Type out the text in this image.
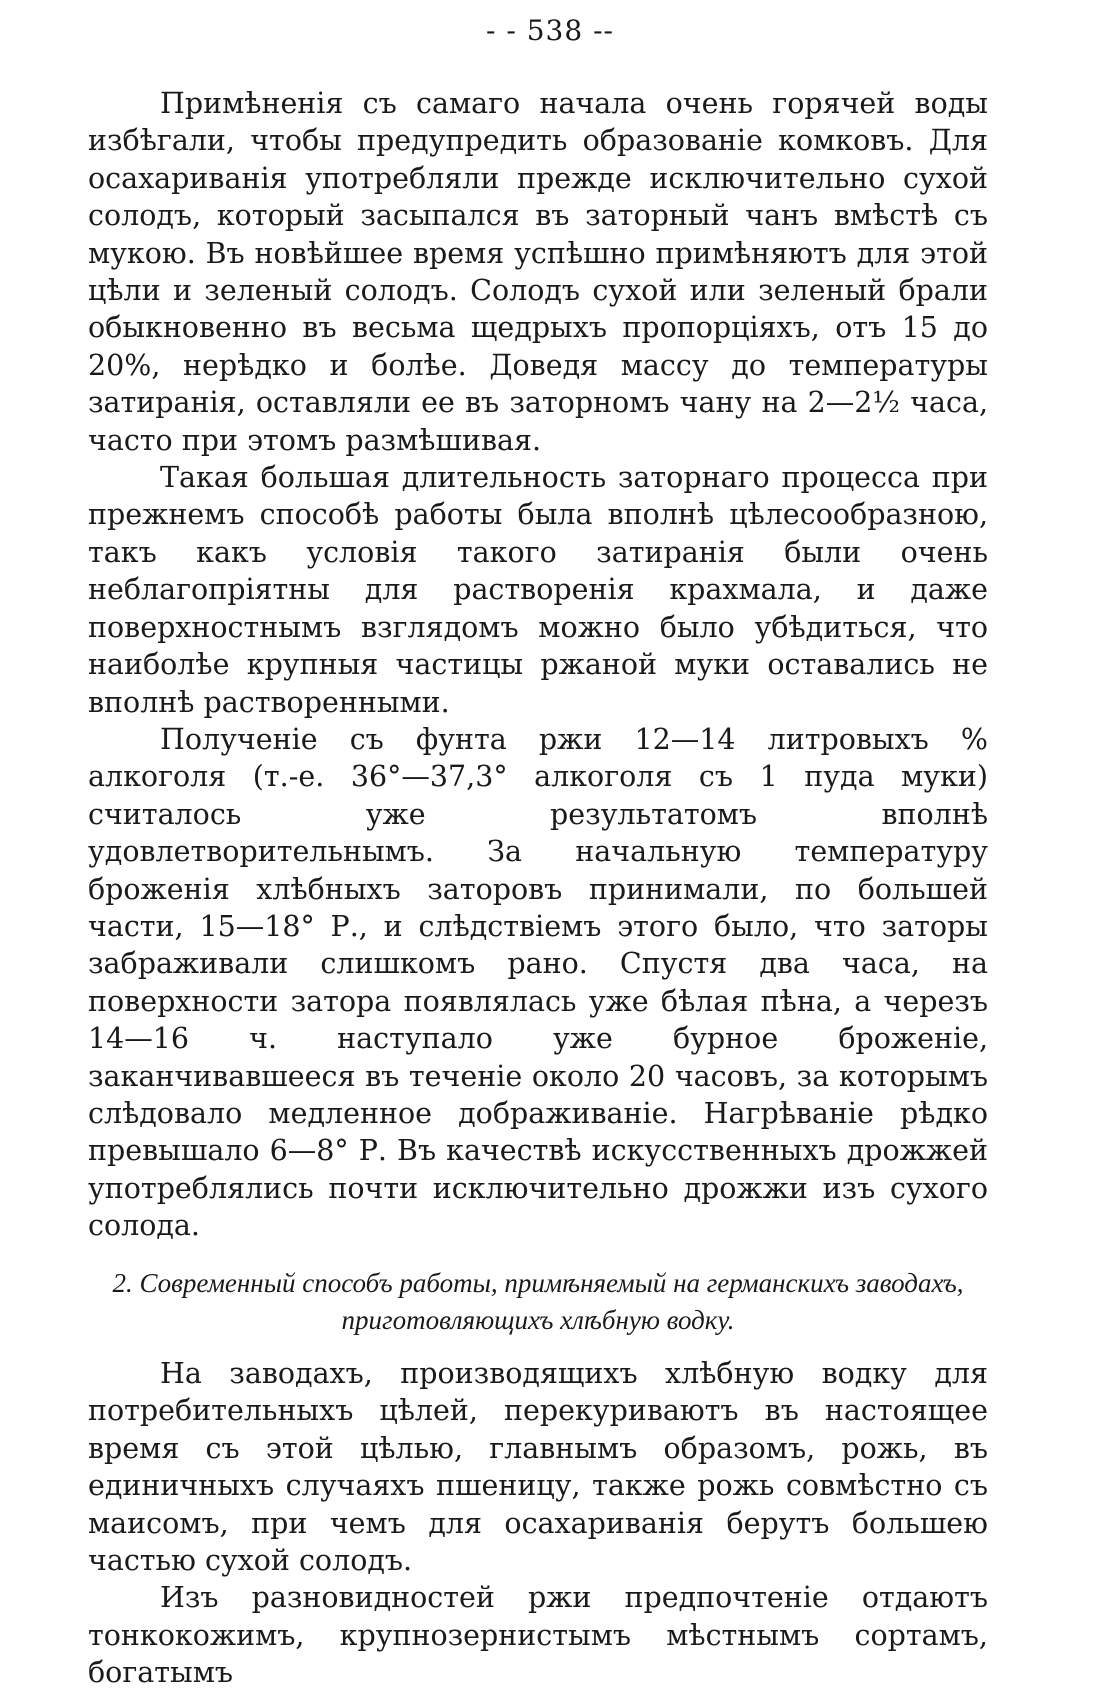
- - 538 --

Примѣненія съ самаго начала очень горячей воды избѣгали, чтобы предупредить образованіе комковъ. Для осахариванія употребляли прежде исключительно сухой солодъ, который засыпался въ заторный чанъ вмѣстѣ съ мукою. Въ новѣйшее время успѣшно примѣняютъ для этой цѣли и зеленый солодъ. Солодъ сухой или зеленый брали обыкновенно въ весьма щедрыхъ пропорціяхъ, отъ 15 до 20%, нерѣдко и болѣе. Доведя массу до температуры затиранія, оставляли ее въ заторномъ чану на 2—2½ часа, часто при этомъ размѣшивая.

Такая большая длительность заторнаго процесса при прежнемъ способѣ работы была вполнѣ цѣлесообразною, такъ какъ условія такого затиранія были очень неблагопріятны для растворенія крахмала, и даже поверхностнымъ взглядомъ можно было убѣдиться, что наиболѣе крупныя частицы ржаной муки оставались не вполнѣ растворенными.

Полученіе съ фунта ржи 12—14 литровыхъ % алкоголя (т.-е. 36°—37,3° алкоголя съ 1 пуда муки) считалось уже результатомъ вполнѣ удовлетворительнымъ. За начальную температуру броженія хлѣбныхъ заторовъ принимали, по большей части, 15—18° Р., и слѣдствіемъ этого было, что заторы забраживали слишкомъ рано. Спустя два часа, на поверхности затора появлялась уже бѣлая пѣна, а черезъ 14—16 ч. наступало уже бурное броженіе, заканчивавшееся въ теченіе около 20 часовъ, за которымъ слѣдовало медленное дображиваніе. Нагрѣваніе рѣдко превышало 6—8° Р. Въ качествѣ искусственныхъ дрожжей употреблялись почти исключительно дрожжи изъ сухого солода.

2. Современный способъ работы, примѣняемый на германскихъ заводахъ, приготовляющихъ хлѣбную водку.

На заводахъ, производящихъ хлѣбную водку для потребительныхъ цѣлей, перекуриваютъ въ настоящее время съ этой цѣлью, главнымъ образомъ, рожь, въ единичныхъ случаяхъ пшеницу, также рожь совмѣстно съ маисомъ, при чемъ для осахариванія берутъ большею частью сухой солодъ.

Изъ разновидностей ржи предпочтеніе отдаютъ тонкокожимъ, крупнозернистымъ мѣстнымъ сортамъ, богатымъ
